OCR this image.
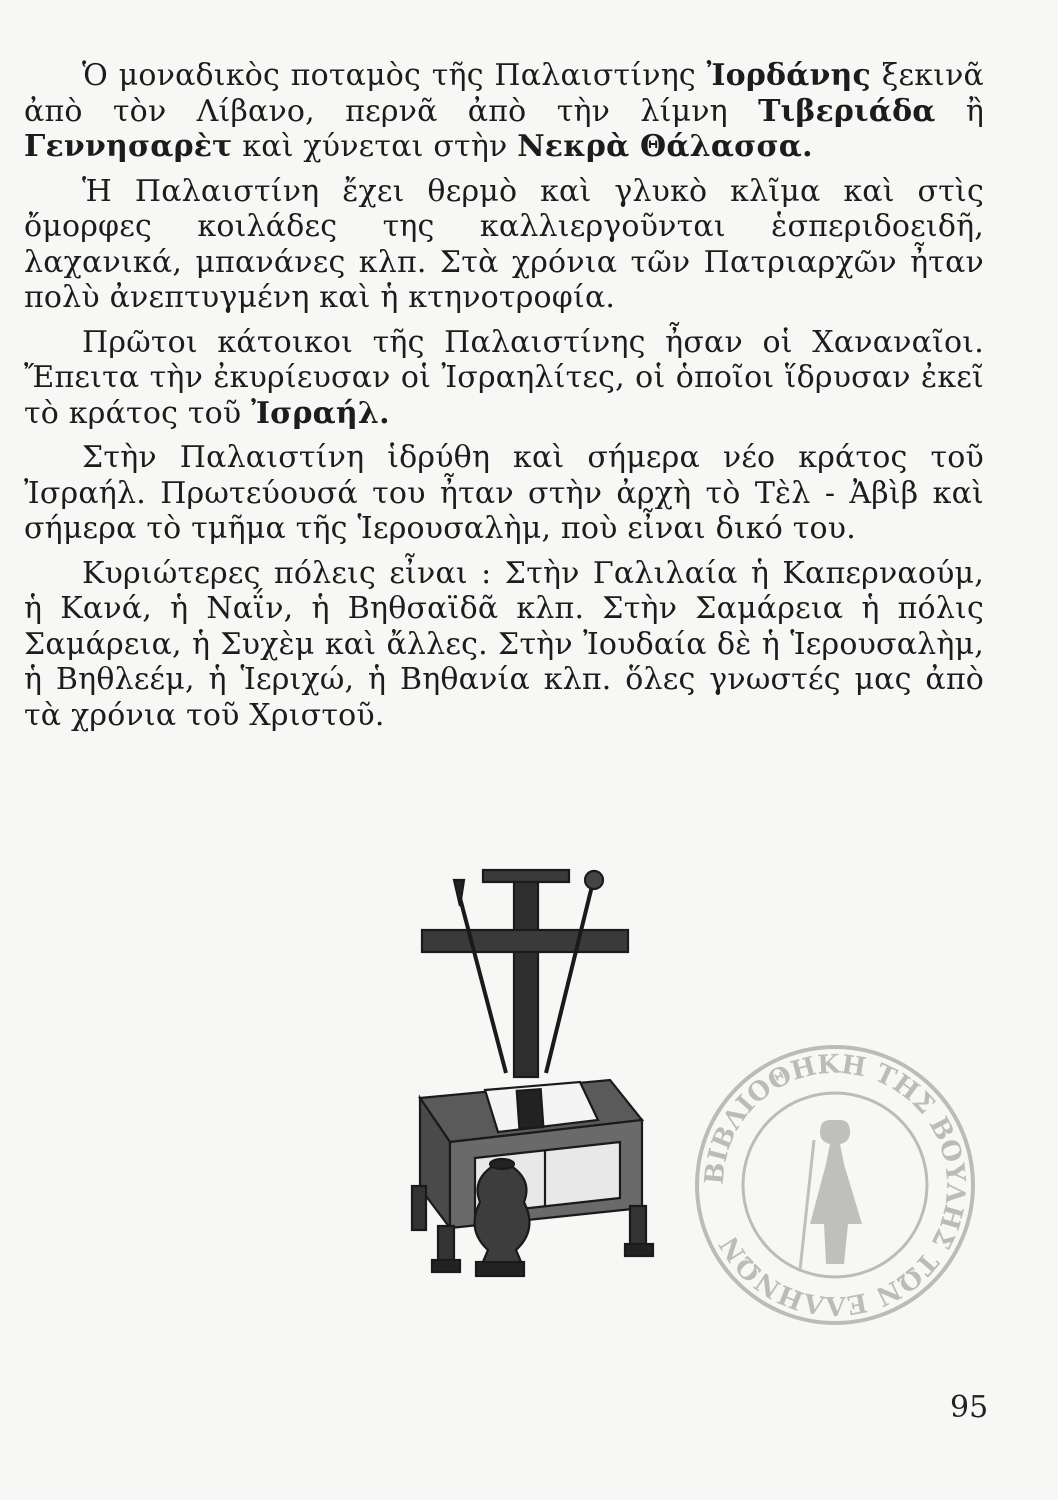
Ὁ μοναδικὸς ποταμὸς τῆς Παλαιστίνης Ἰορδάνης ξεκινᾶ ἀπὸ τὸν Λίβανο, περνᾶ ἀπὸ τὴν λίμνη Τιβεριάδα ἢ Γεννησαρὲτ καὶ χύνεται στὴν Νεκρὰ Θάλασσα.

Ἡ Παλαιστίνη ἔχει θερμὸ καὶ γλυκὸ κλῖμα καὶ στὶς ὄμορφες κοιλάδες της καλλιεργοῦνται ἑσπεριδοειδῆ, λαχανικά, μπανάνες κλπ. Στὰ χρόνια τῶν Πατριαρχῶν ἦταν πολὺ ἀνεπτυγμένη καὶ ἡ κτηνοτροφία.

Πρῶτοι κάτοικοι τῆς Παλαιστίνης ἦσαν οἱ Χαναναῖοι. Ἔπειτα τὴν ἐκυρίευσαν οἱ Ἰσραηλίτες, οἱ ὁποῖοι ἵδρυσαν ἐκεῖ τὸ κράτος τοῦ Ἰσραήλ.

Στὴν Παλαιστίνη ἱδρύθη καὶ σήμερα νέο κράτος τοῦ Ἰσραήλ. Πρωτεύουσά του ἦταν στὴν ἀρχὴ τὸ Τὲλ - Ἀβὶβ καὶ σήμερα τὸ τμῆμα τῆς Ἱερουσαλὴμ, ποὺ εἶναι δικό του.

Κυριώτερες πόλεις εἶναι : Στὴν Γαλιλαία ἡ Καπερναούμ, ἡ Κανά, ἡ Ναΐν, ἡ Βηθσαϊδᾶ κλπ. Στὴν Σαμάρεια ἡ πόλις Σαμάρεια, ἡ Συχὲμ καὶ ἄλλες. Στὴν Ἰουδαία δὲ ἡ Ἱερουσαλὴμ, ἡ Βηθλεέμ, ἡ Ἱεριχώ, ἡ Βηθανία κλπ. ὅλες γνωστές μας ἀπὸ τὰ χρόνια τοῦ Χριστοῦ.

ΒΙΒΛΙΟΘΗΚΗ ΤΗΣ ΒΟΥΛΗΣ ΤΩΝ ΕΛΛΗΝΩΝ
95
